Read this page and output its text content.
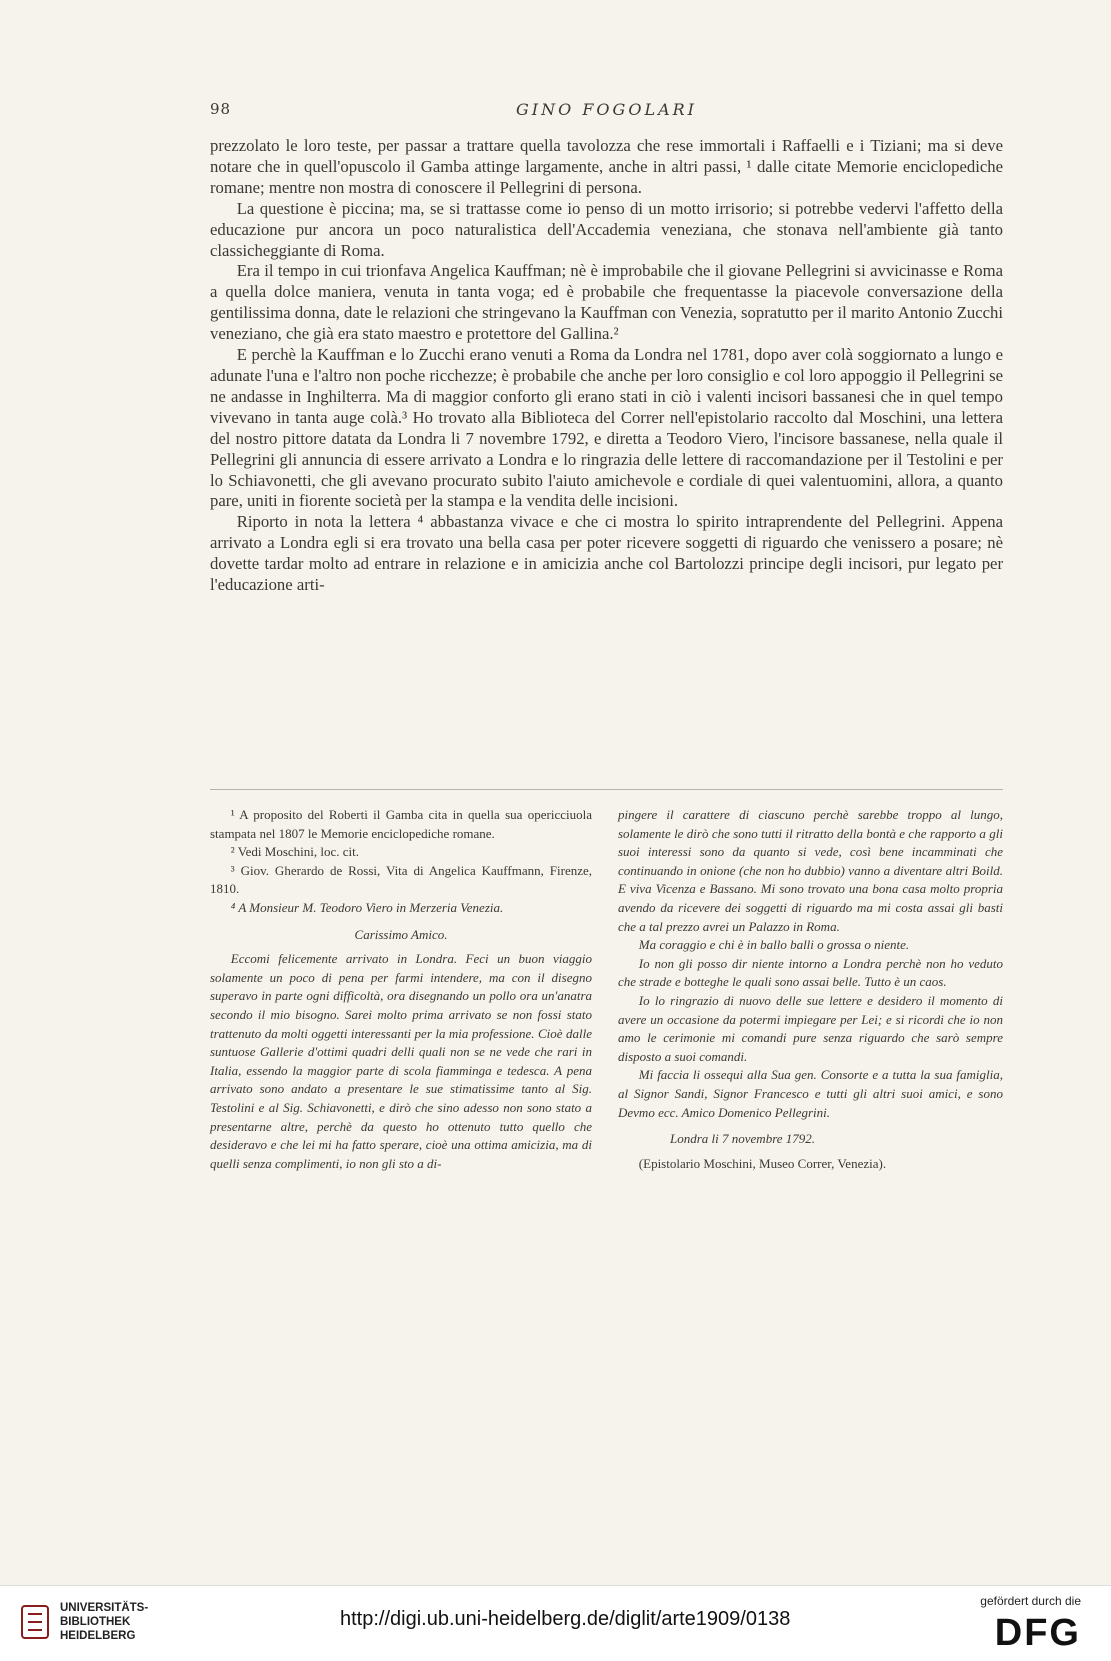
98	GINO FOGOLARI

prezzolato le loro teste, per passar a trattare quella tavolozza che rese immortali i Raffaelli e i Tiziani; ma si deve notare che in quell'opuscolo il Gamba attinge largamente, anche in altri passi, ¹ dalle citate Memorie enciclopediche romane; mentre non mostra di conoscere il Pellegrini di persona.

La questione è piccina; ma, se si trattasse come io penso di un motto irrisorio; si potrebbe vedervi l'affetto della educazione pur ancora un poco naturalistica dell'Accademia veneziana, che stonava nell'ambiente già tanto classicheggiante di Roma.

Era il tempo in cui trionfava Angelica Kauffman; nè è improbabile che il giovane Pellegrini si avvicinasse e Roma a quella dolce maniera, venuta in tanta voga; ed è probabile che frequentasse la piacevole conversazione della gentilissima donna, date le relazioni che stringevano la Kauffman con Venezia, sopratutto per il marito Antonio Zucchi veneziano, che già era stato maestro e protettore del Gallina.²

E perchè la Kauffman e lo Zucchi erano venuti a Roma da Londra nel 1781, dopo aver colà soggiornato a lungo e adunate l'una e l'altro non poche ricchezze; è probabile che anche per loro consiglio e col loro appoggio il Pellegrini se ne andasse in Inghilterra. Ma di maggior conforto gli erano stati in ciò i valenti incisori bassanesi che in quel tempo vivevano in tanta auge colà.³ Ho trovato alla Biblioteca del Correr nell'epistolario raccolto dal Moschini, una lettera del nostro pittore datata da Londra li 7 novembre 1792, e diretta a Teodoro Viero, l'incisore bassanese, nella quale il Pellegrini gli annuncia di essere arrivato a Londra e lo ringrazia delle lettere di raccomandazione per il Testolini e per lo Schiavonetti, che gli avevano procurato subito l'aiuto amichevole e cordiale di quei valentuomini, allora, a quanto pare, uniti in fiorente società per la stampa e la vendita delle incisioni.

Riporto in nota la lettera ⁴ abbastanza vivace e che ci mostra lo spirito intraprendente del Pellegrini. Appena arrivato a Londra egli si era trovato una bella casa per poter ricevere soggetti di riguardo che venissero a posare; nè dovette tardar molto ad entrare in relazione e in amicizia anche col Bartolozzi principe degli incisori, pur legato per l'educazione arti-

¹ A proposito del Roberti il Gamba cita in quella sua opericciuola stampata nel 1807 le Memorie enciclopediche romane.

² Vedi Moschini, loc. cit.

³ Giov. Gherardo de Rossi, Vita di Angelica Kauffmann, Firenze, 1810.

⁴ A Monsieur M. Teodoro Viero in Merzeria Venezia.

Carissimo Amico.

Eccomi felicemente arrivato in Londra. Feci un buon viaggio solamente un poco di pena per farmi intendere, ma con il disegno superavo in parte ogni difficoltà, ora disegnando un pollo ora un'anatra secondo il mio bisogno. Sarei molto prima arrivato se non fossi stato trattenuto da molti oggetti interessanti per la mia professione. Cioè dalle suntuose Gallerie d'ottimi quadri delli quali non se ne vede che rari in Italia, essendo la maggior parte di scola fiamminga e tedesca. A pena arrivato sono andato a presentare le sue stimatissime tanto al Sig. Testolini e al Sig. Schiavonetti, e dirò che sino adesso non sono stato a presentarne altre, perchè da questo ho ottenuto tutto quello che desideravo e che lei mi ha fatto sperare, cioè una ottima amicizia, ma di quelli senza complimenti, io non gli sto a di-

pingere il carattere di ciascuno perchè sarebbe troppo al lungo, solamente le dirò che sono tutti il ritratto della bontà e che rapporto a gli suoi interessi sono da quanto si vede, così bene incamminati che continuando in onione (che non ho dubbio) vanno a diventare altri Boild. E viva Vicenza e Bassano. Mi sono trovato una bona casa molto propria avendo da ricevere dei soggetti di riguardo ma mi costa assai gli basti che a tal prezzo avrei un Palazzo in Roma.

Ma coraggio e chi è in ballo balli o grossa o niente.

Io non gli posso dir niente intorno a Londra perchè non ho veduto che strade e botteghe le quali sono assai belle. Tutto è un caos.

Io lo ringrazio di nuovo delle sue lettere e desidero il momento di avere un occasione da potermi impiegare per Lei; e si ricordi che io non amo le cerimonie mi comandi pure senza riguardo che sarò sempre disposto a suoi comandi.

Mi faccia li ossequi alla Sua gen. Consorte e a tutta la sua famiglia, al Signor Sandi, Signor Francesco e tutti gli altri suoi amici, e sono Devmo ecc. Amico Domenico Pellegrini.

Londra li 7 novembre 1792.

(Epistolario Moschini, Museo Correr, Venezia).

UNIVERSITÄTS-
BIBLIOTHEK
HEIDELBERG
http://digi.ub.uni-heidelberg.de/diglit/arte1909/0138
gefördert durch die
DFG
